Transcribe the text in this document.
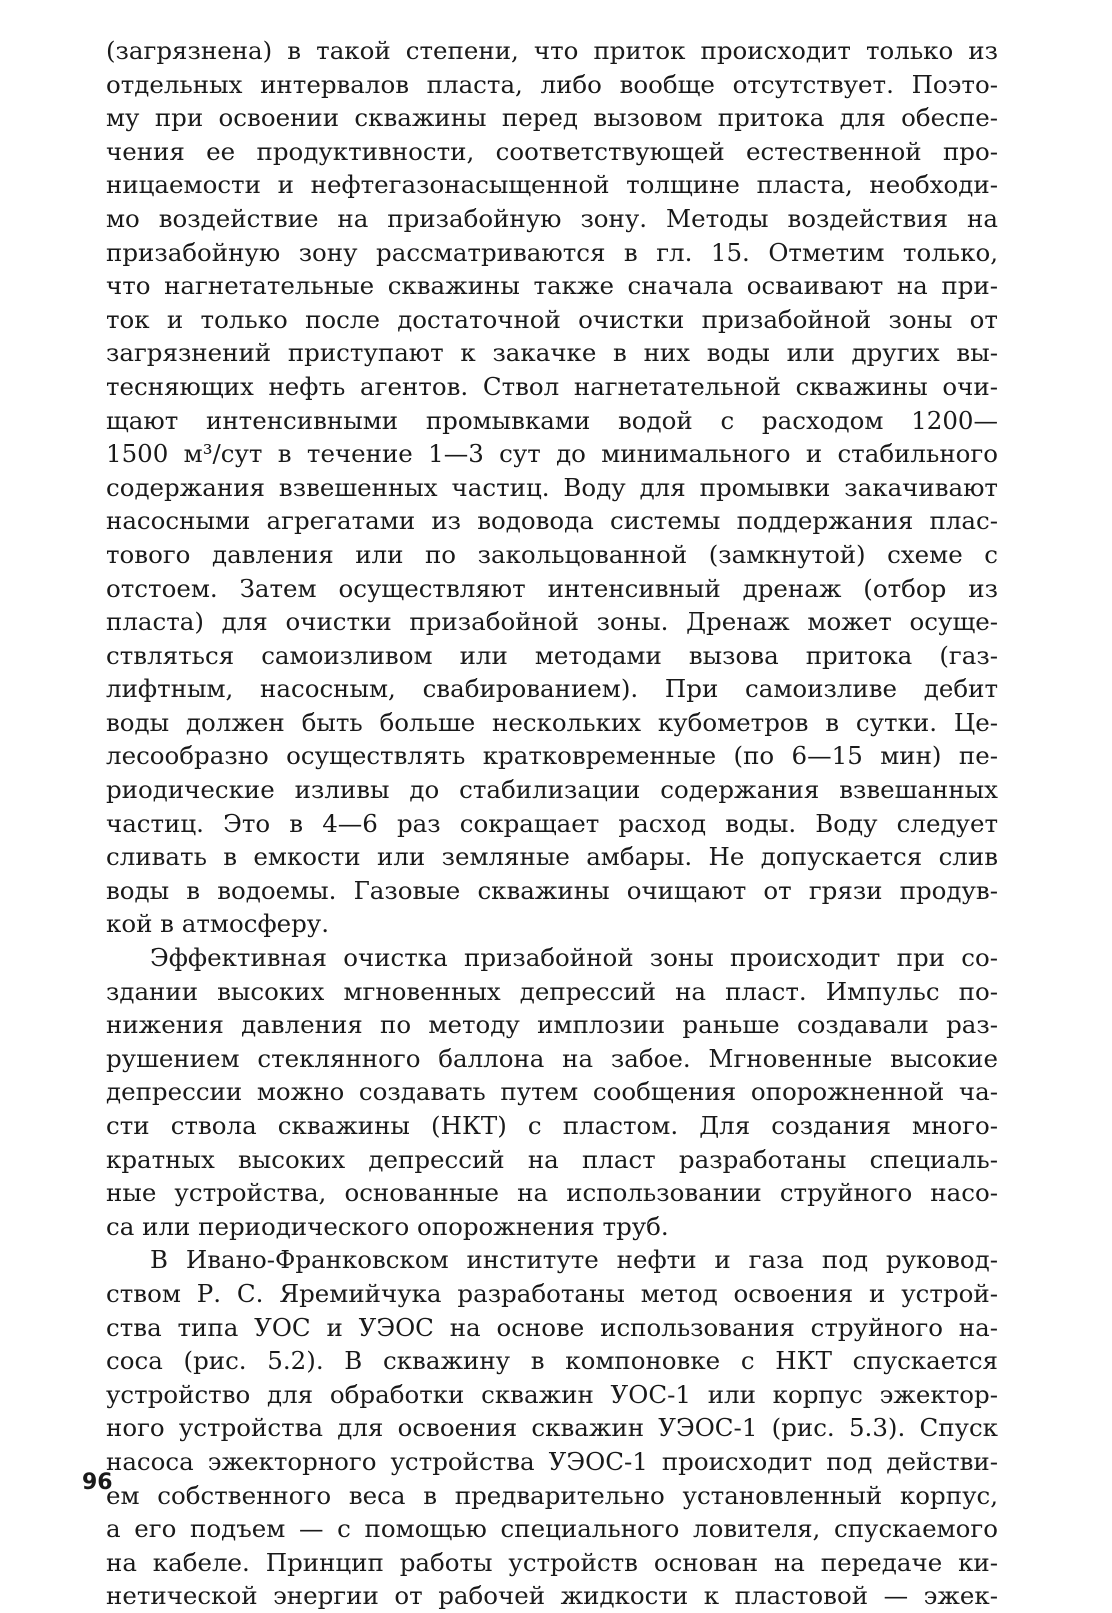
(загрязнена) в такой степени, что приток происходит только из
отдельных интервалов пласта, либо вообще отсутствует. Поэто-
му при освоении скважины перед вызовом притока для обеспе-
чения ее продуктивности, соответствующей естественной про-
ницаемости и нефтегазонасыщенной толщине пласта, необходи-
мо воздействие на призабойную зону. Методы воздействия на
призабойную зону рассматриваются в гл. 15. Отметим только,
что нагнетательные скважины также сначала осваивают на при-
ток и только после достаточной очистки призабойной зоны от
загрязнений приступают к закачке в них воды или других вы-
тесняющих нефть агентов. Ствол нагнетательной скважины очи-
щают интенсивными промывками водой с расходом 1200—
1500 м³/сут в течение 1—3 сут до минимального и стабильного
содержания взвешенных частиц. Воду для промывки закачивают
насосными агрегатами из водовода системы поддержания плас-
тового давления или по закольцованной (замкнутой) схеме с
отстоем. Затем осуществляют интенсивный дренаж (отбор из
пласта) для очистки призабойной зоны. Дренаж может осуще-
ствляться самоизливом или методами вызова притока (газ-
лифтным, насосным, свабированием). При самоизливе дебит
воды должен быть больше нескольких кубометров в сутки. Це-
лесообразно осуществлять кратковременные (по 6—15 мин) пе-
риодические изливы до стабилизации содержания взвешанных
частиц. Это в 4—6 раз сокращает расход воды. Воду следует
сливать в емкости или земляные амбары. Не допускается слив
воды в водоемы. Газовые скважины очищают от грязи продув-
кой в атмосферу.
Эффективная очистка призабойной зоны происходит при со-
здании высоких мгновенных депрессий на пласт. Импульс по-
нижения давления по методу имплозии раньше создавали раз-
рушением стеклянного баллона на забое. Мгновенные высокие
депрессии можно создавать путем сообщения опорожненной ча-
сти ствола скважины (НКТ) с пластом. Для создания много-
кратных высоких депрессий на пласт разработаны специаль-
ные устройства, основанные на использовании струйного насо-
са или периодического опорожнения труб.
В Ивано-Франковском институте нефти и газа под руковод-
ством Р. С. Яремийчука разработаны метод освоения и устрой-
ства типа УОС и УЭОС на основе использования струйного на-
coca (рис. 5.2). В скважину в компоновке с НКТ спускается
устройство для обработки скважин УОС-1 или корпус эжектор-
ного устройства для освоения скважин УЭОС-1 (рис. 5.3). Спуск
насоса эжекторного устройства УЭОС-1 происходит под действи-
ем собственного веса в предварительно установленный корпус,
а его подъем — с помощью специального ловителя, спускаемого
на кабеле. Принцип работы устройств основан на передаче ки-
нетической энергии от рабочей жидкости к пластовой — эжек-
96
